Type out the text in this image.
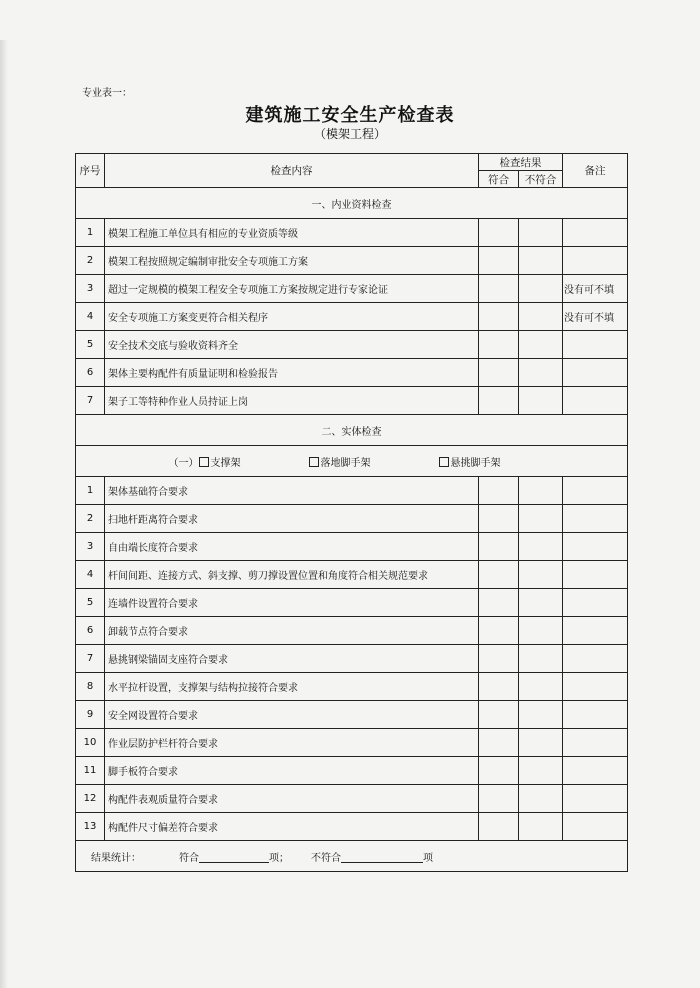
专业表一：
建筑施工安全生产检查表
（模架工程）
序号	检查内容	检查结果		备注
		符合	不符合	
一、内业资料检查				
1	模架工程施工单位具有相应的专业资质等级			
2	模架工程按照规定编制审批安全专项施工方案			
3	超过一定规模的模架工程安全专项施工方案按规定进行专家论证			没有可不填
4	安全专项施工方案变更符合相关程序			没有可不填
5	安全技术交底与验收资料齐全			
6	架体主要构配件有质量证明和检验报告			
7	架子工等特种作业人员持证上岗			
二、实体检查				
（一） 支撑架 落地脚手架 悬挑脚手架				
1	架体基础符合要求			
2	扫地杆距离符合要求			
3	自由端长度符合要求			
4	杆间间距、连接方式、斜支撑、剪刀撑设置位置和角度符合相关规范要求			
5	连墙件设置符合要求			
6	卸载节点符合要求			
7	悬挑钢梁锚固支座符合要求			
8	水平拉杆设置，支撑架与结构拉接符合要求			
9	安全网设置符合要求			
10	作业层防护栏杆符合要求			
11	脚手板符合要求			
12	构配件表观质量符合要求			
13	构配件尺寸偏差符合要求			
结果统计： 符合 项； 不符合 项				
